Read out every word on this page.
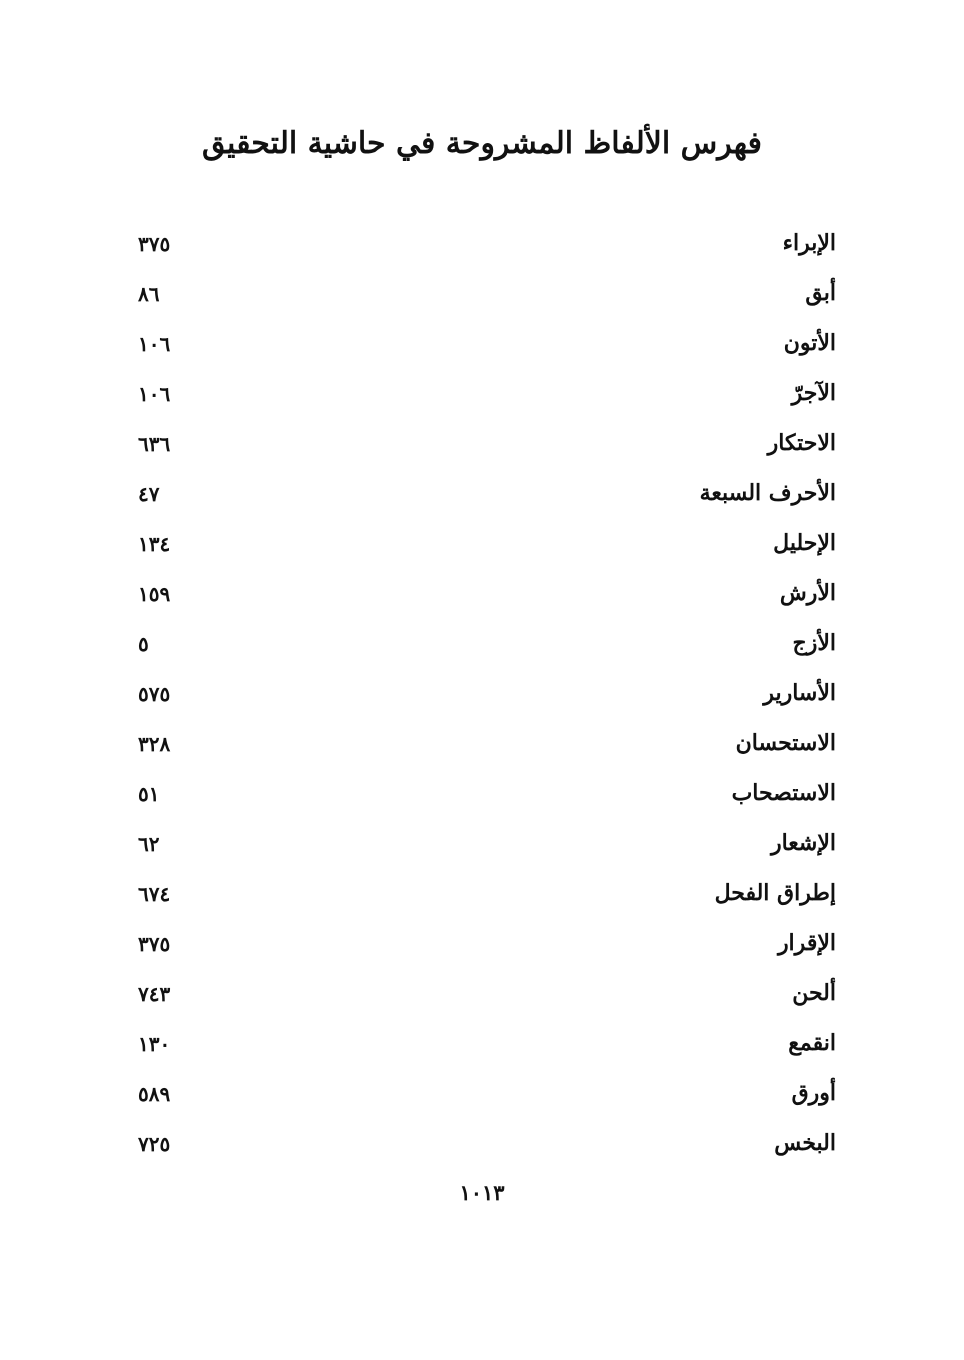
فهرس الألفاظ المشروحة في حاشية التحقيق
الإبراء
٣٧٥
أبق
٨٦
الأتون
١٠٦
الآجرّ
١٠٦
الاحتكار
٦٣٦
الأحرف السبعة
٤٧
الإحليل
١٣٤
الأرش
١٥٩
الأزج
٥
الأسارير
٥٧٥
الاستحسان
٣٢٨
الاستصحاب
٥١
الإشعار
٦٢
إطراق الفحل
٦٧٤
الإقرار
٣٧٥
ألحن
٧٤٣
انقمع
١٣٠
أورق
٥٨٩
البخس
٧٢٥
١٠١٣
